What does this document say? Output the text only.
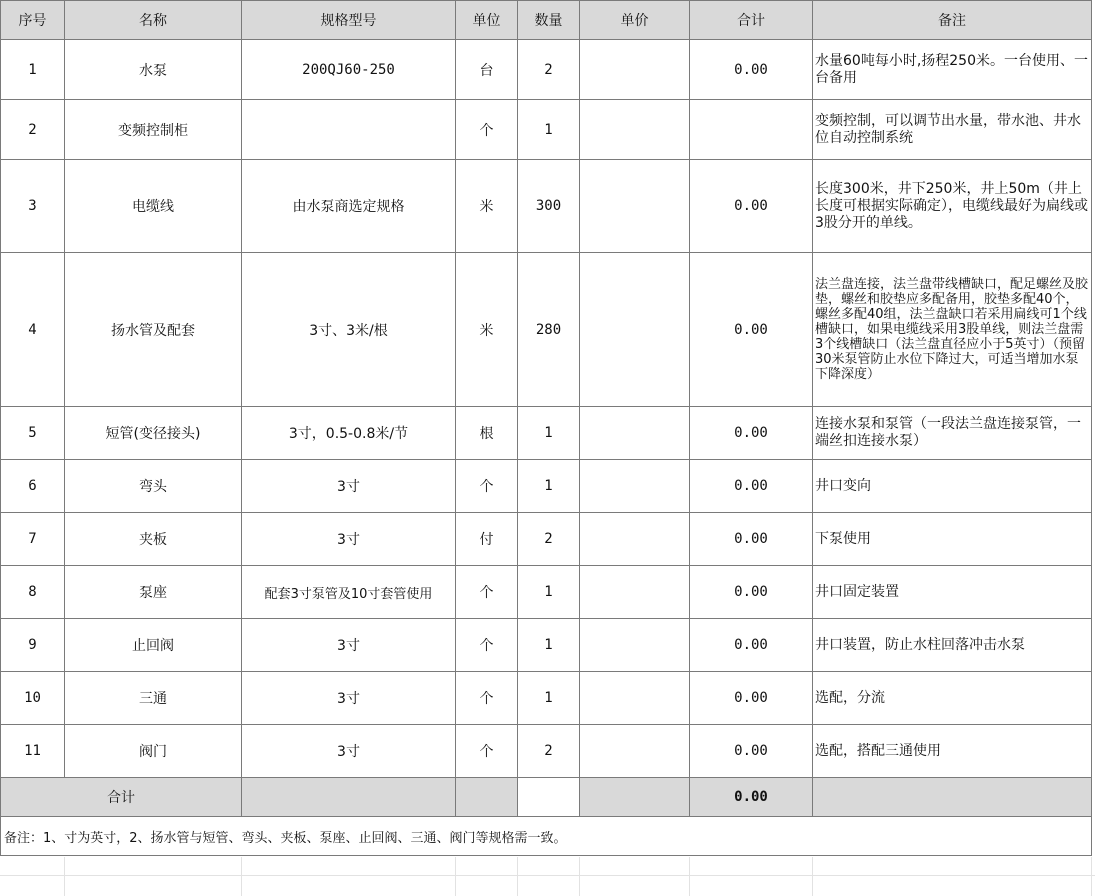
序号	名称	规格型号	单位	数量	单价	合计	备注
1	水泵	200QJ60-250	台	2		0.00	水量60吨每小时,扬程250米。一台使用、一台备用
2	变频控制柜		个	1			变频控制，可以调节出水量，带水池、井水位自动控制系统
3	电缆线	由水泵商选定规格	米	300		0.00	长度300米，井下250米，井上50m（井上长度可根据实际确定），电缆线最好为扁线或3股分开的单线。
4	扬水管及配套	3寸、3米/根	米	280		0.00	法兰盘连接，法兰盘带线槽缺口，配足螺丝及胶垫，螺丝和胶垫应多配备用，胶垫多配40个，螺丝多配40组，法兰盘缺口若采用扁线可1个线槽缺口，如果电缆线采用3股单线，则法兰盘需3个线槽缺口（法兰盘直径应小于5英寸）（预留30米泵管防止水位下降过大，可适当增加水泵下降深度）
5	短管(变径接头)	3寸，0.5-0.8米/节	根	1		0.00	连接水泵和泵管（一段法兰盘连接泵管，一端丝扣连接水泵）
6	弯头	3寸	个	1		0.00	井口变向
7	夹板	3寸	付	2		0.00	下泵使用
8	泵座	配套3寸泵管及10寸套管使用	个	1		0.00	井口固定装置
9	止回阀	3寸	个	1		0.00	井口装置，防止水柱回落冲击水泵
10	三通	3寸	个	1		0.00	选配，分流
11	阀门	3寸	个	2		0.00	选配，搭配三通使用
合计						0.00	
备注：1、寸为英寸，2、扬水管与短管、弯头、夹板、泵座、止回阀、三通、阀门等规格需一致。							
